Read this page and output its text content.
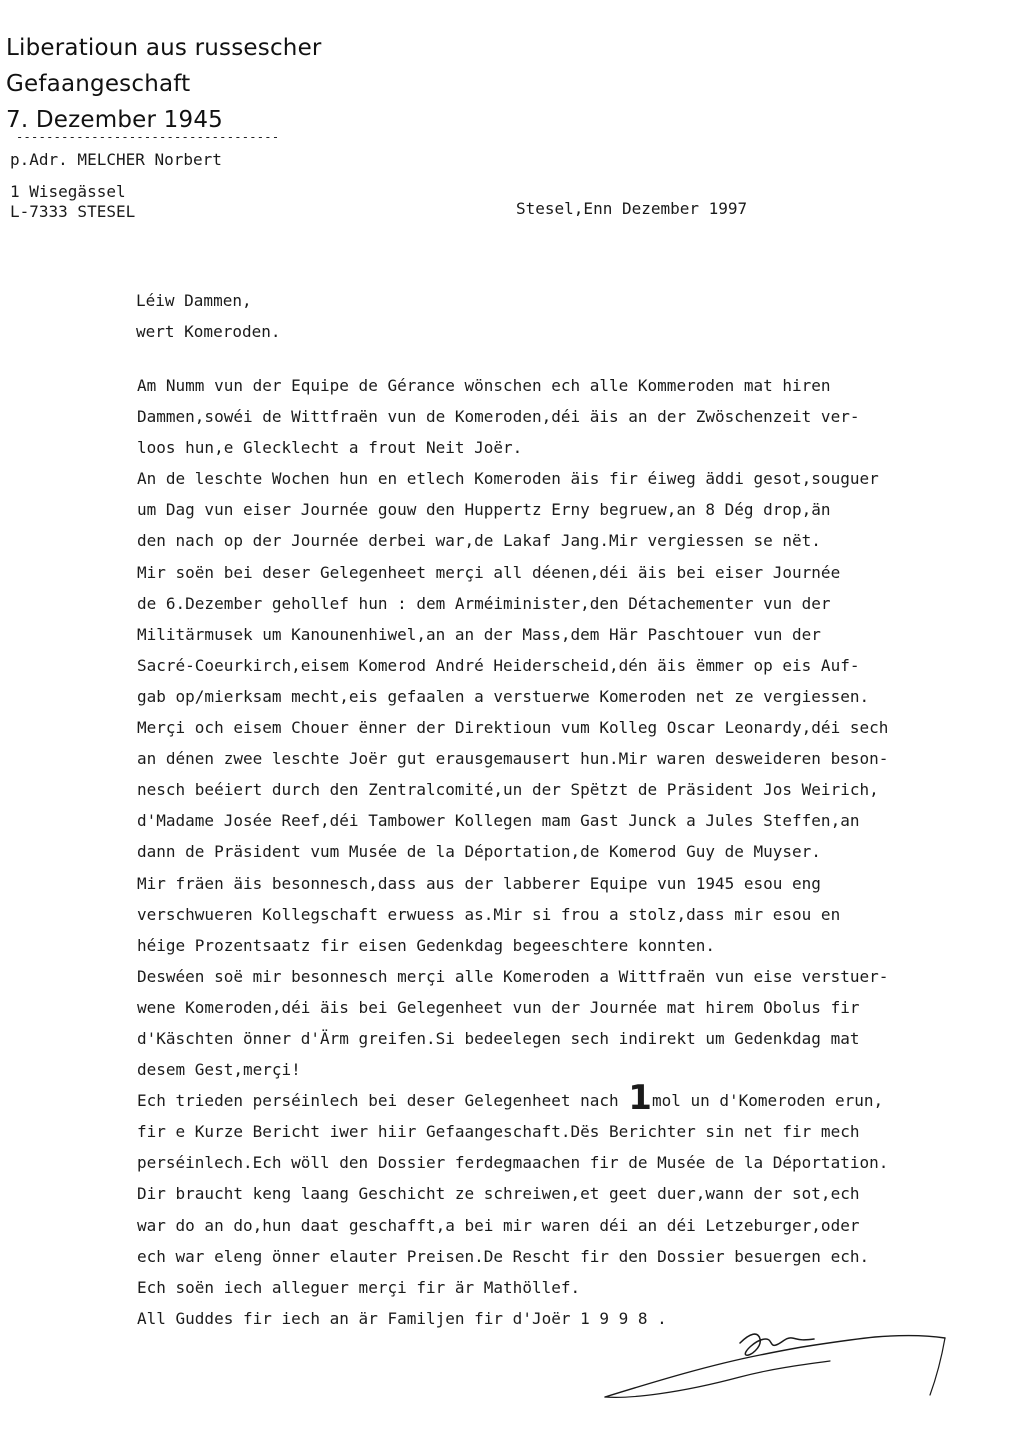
Liberatioun aus russescher
Gefaangeschaft
7. Dezember 1945
-----------------------------------
p.Adr. MELCHER Norbert
1 Wisegässel
L-7333 STESEL	Stesel,Enn Dezember 1997
Léiw Dammen,
wert Komeroden.
Am Numm vun der Equipe de Gérance wönschen ech alle Kommeroden mat hiren
Dammen,sowéi de Wittfraën vun de Komeroden,déi äis an der Zwöschenzeit ver-
loos hun,e Glecklecht a frout Neit Joër.
An de leschte Wochen hun en etlech Komeroden äis fir éiweg äddi gesot,souguer
um Dag vun eiser Journée gouw den Huppertz Erny begruew,an 8 Dég drop,än
den nach op der Journée derbei war,de Lakaf Jang.Mir vergiessen se nët.
Mir soën bei deser Gelegenheet merçi all déenen,déi äis bei eiser Journée
de 6.Dezember gehollef hun : dem Arméiminister,den Détachementer vun der
Militärmusek um Kanounenhiwel,an an der Mass,dem Här Paschtouer vun der
Sacré-Coeurkirch,eisem Komerod André Heiderscheid,dén äis ëmmer op eis Auf-
gab op/mierksam mecht,eis gefaalen a verstuerwe Komeroden net ze vergiessen.
Merçi och eisem Chouer ënner der Direktioun vum Kolleg Oscar Leonardy,déi sech
an dénen zwee leschte Joër gut erausgemausert hun.Mir waren desweideren beson-
nesch beéiert durch den Zentralcomité,un der Spëtzt de Präsident Jos Weirich,
d'Madame Josée Reef,déi Tambower Kollegen mam Gast Junck a Jules Steffen,an
dann de Präsident vum Musée de la Déportation,de Komerod Guy de Muyser.
Mir fräen äis besonnesch,dass aus der labberer Equipe vun 1945 esou eng
verschwueren Kollegschaft erwuess as.Mir si frou a stolz,dass mir esou en
héige Prozentsaatz fir eisen Gedenkdag begeeschtere konnten.
Deswéen soë mir besonnesch merçi alle Komeroden a Wittfraën vun eise verstuer-
wene Komeroden,déi äis bei Gelegenheet vun der Journée mat hirem Obolus fir
d'Käschten önner d'Ärm greifen.Si bedeelegen sech indirekt um Gedenkdag mat
desem Gest,merçi!
Ech trieden perséinlech bei deser Gelegenheet nach 1mol un d'Komeroden erun,
fir e Kurze Bericht iwer hiir Gefaangeschaft.Dës Berichter sin net fir mech
perséinlech.Ech wöll den Dossier ferdegmaachen fir de Musée de la Déportation.
Dir braucht keng laang Geschicht ze schreiwen,et geet duer,wann der sot,ech
war do an do,hun daat geschafft,a bei mir waren déi an déi Letzeburger,oder
ech war eleng önner elauter Preisen.De Rescht fir den Dossier besuergen ech.
Ech soën iech alleguer merçi fir är Mathöllef.
All Guddes fir iech an är Familjen fir d'Joër 1 9 9 8 .
